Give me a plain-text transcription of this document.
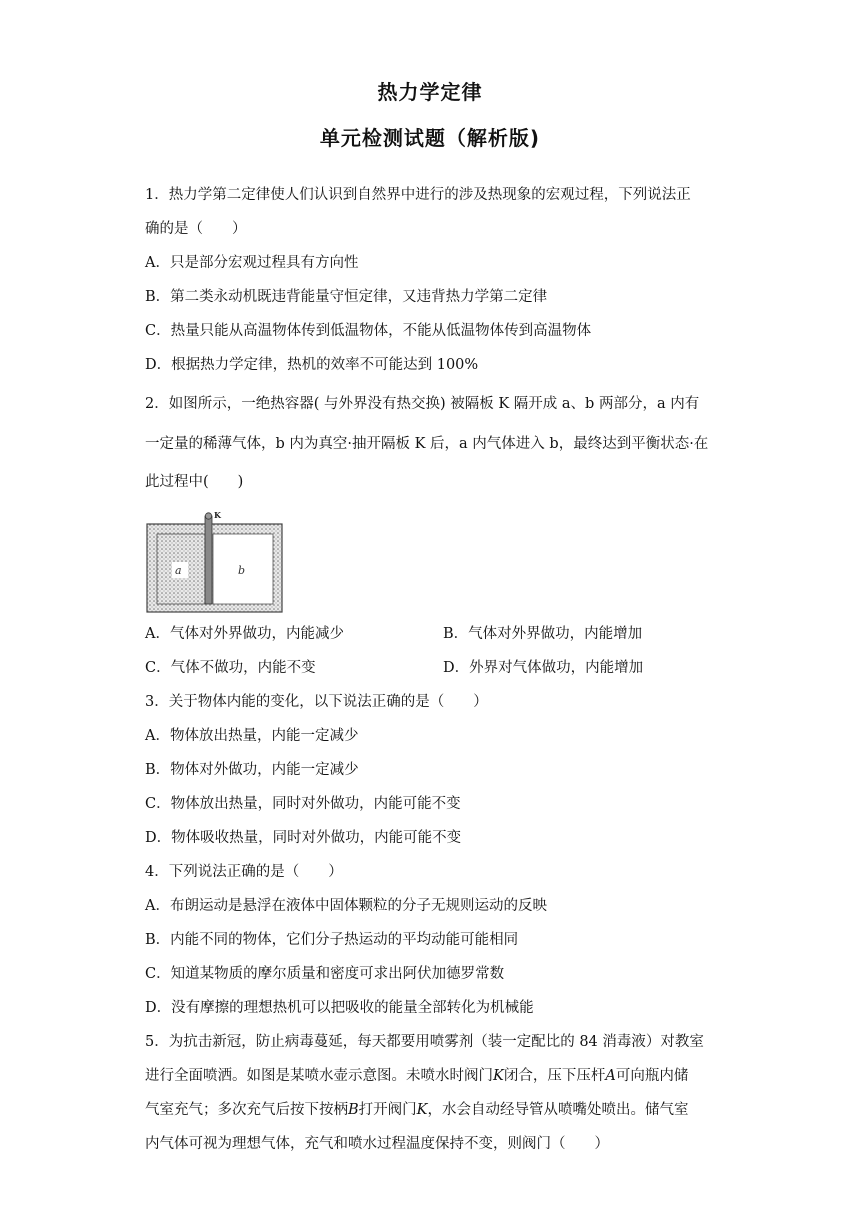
热力学定律
单元检测试题（解析版)
1．热力学第二定律使人们认识到自然界中进行的涉及热现象的宏观过程，下列说法正
确的是（　　）
A．只是部分宏观过程具有方向性
B．第二类永动机既违背能量守恒定律，又违背热力学第二定律
C．热量只能从高温物体传到低温物体，不能从低温物体传到高温物体
D．根据热力学定律，热机的效率不可能达到 100%
2．如图所示，一绝热容器( 与外界没有热交换) 被隔板 K 隔开成 a、b 两部分，a 内有
一定量的稀薄气体，b 内为真空·抽开隔板 K 后，a 内气体进入 b，最终达到平衡状态·在
此过程中(　　)
K
a	b
A．气体对外界做功，内能减少	B．气体对外界做功，内能增加
C．气体不做功，内能不变	D．外界对气体做功，内能增加
3．关于物体内能的变化，以下说法正确的是（　　）
A．物体放出热量，内能一定减少
B．物体对外做功，内能一定减少
C．物体放出热量，同时对外做功，内能可能不变
D．物体吸收热量，同时对外做功，内能可能不变
4．下列说法正确的是（　　）
A．布朗运动是悬浮在液体中固体颗粒的分子无规则运动的反映
B．内能不同的物体，它们分子热运动的平均动能可能相同
C．知道某物质的摩尔质量和密度可求出阿伏加德罗常数
D．没有摩擦的理想热机可以把吸收的能量全部转化为机械能
5．为抗击新冠，防止病毒蔓延，每天都要用喷雾剂（装一定配比的 84 消毒液）对教室
进行全面喷洒。如图是某喷水壶示意图。未喷水时阀门K闭合，压下压杆A可向瓶内储
气室充气；多次充气后按下按柄B打开阀门K，水会自动经导管从喷嘴处喷出。储气室
内气体可视为理想气体，充气和喷水过程温度保持不变，则阀门（　　）
